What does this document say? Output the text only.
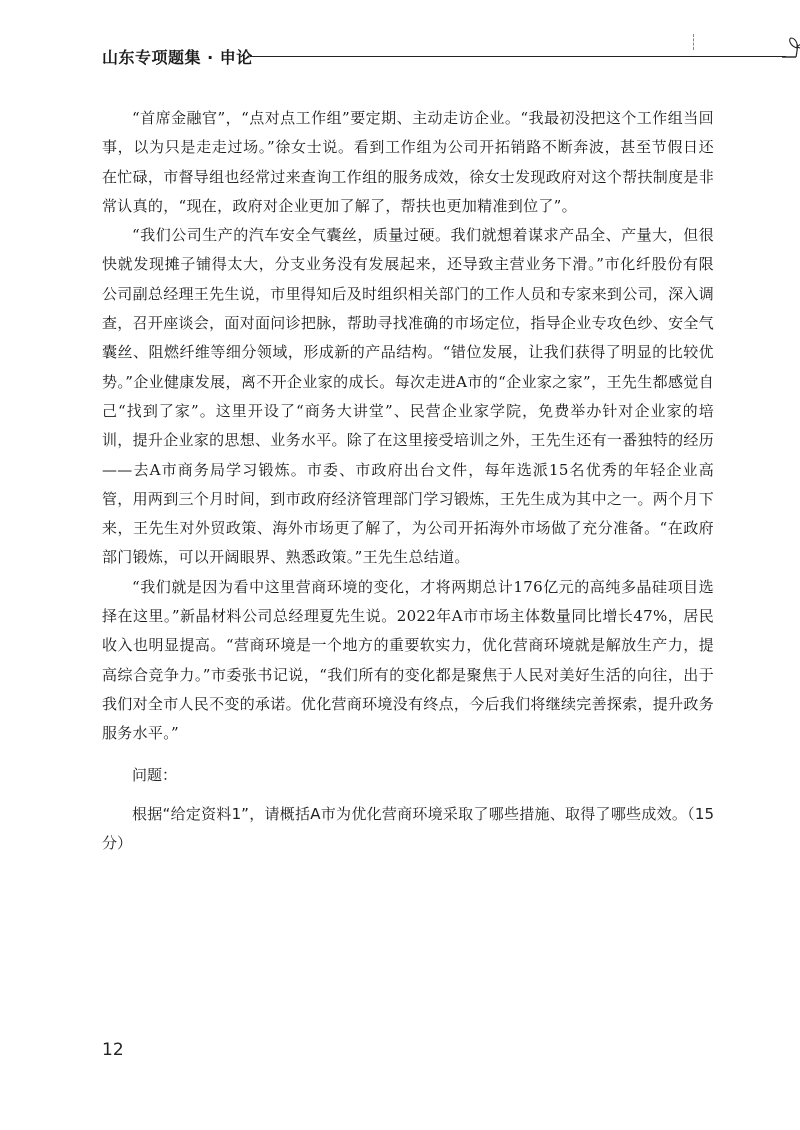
山东专项题集 · 申论

“首席金融官”，“点对点工作组”要定期、主动走访企业。“我最初没把这个工作组当回事，以为只是走走过场。”徐女士说。看到工作组为公司开拓销路不断奔波，甚至节假日还在忙碌，市督导组也经常过来查询工作组的服务成效，徐女士发现政府对这个帮扶制度是非常认真的，“现在，政府对企业更加了解了，帮扶也更加精准到位了”。

“我们公司生产的汽车安全气囊丝，质量过硬。我们就想着谋求产品全、产量大，但很快就发现摊子铺得太大，分支业务没有发展起来，还导致主营业务下滑。”市化纤股份有限公司副总经理王先生说，市里得知后及时组织相关部门的工作人员和专家来到公司，深入调查，召开座谈会，面对面问诊把脉，帮助寻找准确的市场定位，指导企业专攻色纱、安全气囊丝、阻燃纤维等细分领域，形成新的产品结构。“错位发展，让我们获得了明显的比较优势。”企业健康发展，离不开企业家的成长。每次走进A市的“企业家之家”，王先生都感觉自己“找到了家”。这里开设了“商务大讲堂”、民营企业家学院，免费举办针对企业家的培训，提升企业家的思想、业务水平。除了在这里接受培训之外，王先生还有一番独特的经历——去A市商务局学习锻炼。市委、市政府出台文件，每年选派15名优秀的年轻企业高管，用两到三个月时间，到市政府经济管理部门学习锻炼，王先生成为其中之一。两个月下来，王先生对外贸政策、海外市场更了解了，为公司开拓海外市场做了充分准备。“在政府部门锻炼，可以开阔眼界、熟悉政策。”王先生总结道。

“我们就是因为看中这里营商环境的变化，才将两期总计176亿元的高纯多晶硅项目选择在这里。”新晶材料公司总经理夏先生说。2022年A市市场主体数量同比增长47%，居民收入也明显提高。“营商环境是一个地方的重要软实力，优化营商环境就是解放生产力，提高综合竞争力。”市委张书记说，“我们所有的变化都是聚焦于人民对美好生活的向往，出于我们对全市人民不变的承诺。优化营商环境没有终点，今后我们将继续完善探索，提升政务服务水平。”

问题：

根据“给定资料1”，请概括A市为优化营商环境采取了哪些措施、取得了哪些成效。（15分）

12
